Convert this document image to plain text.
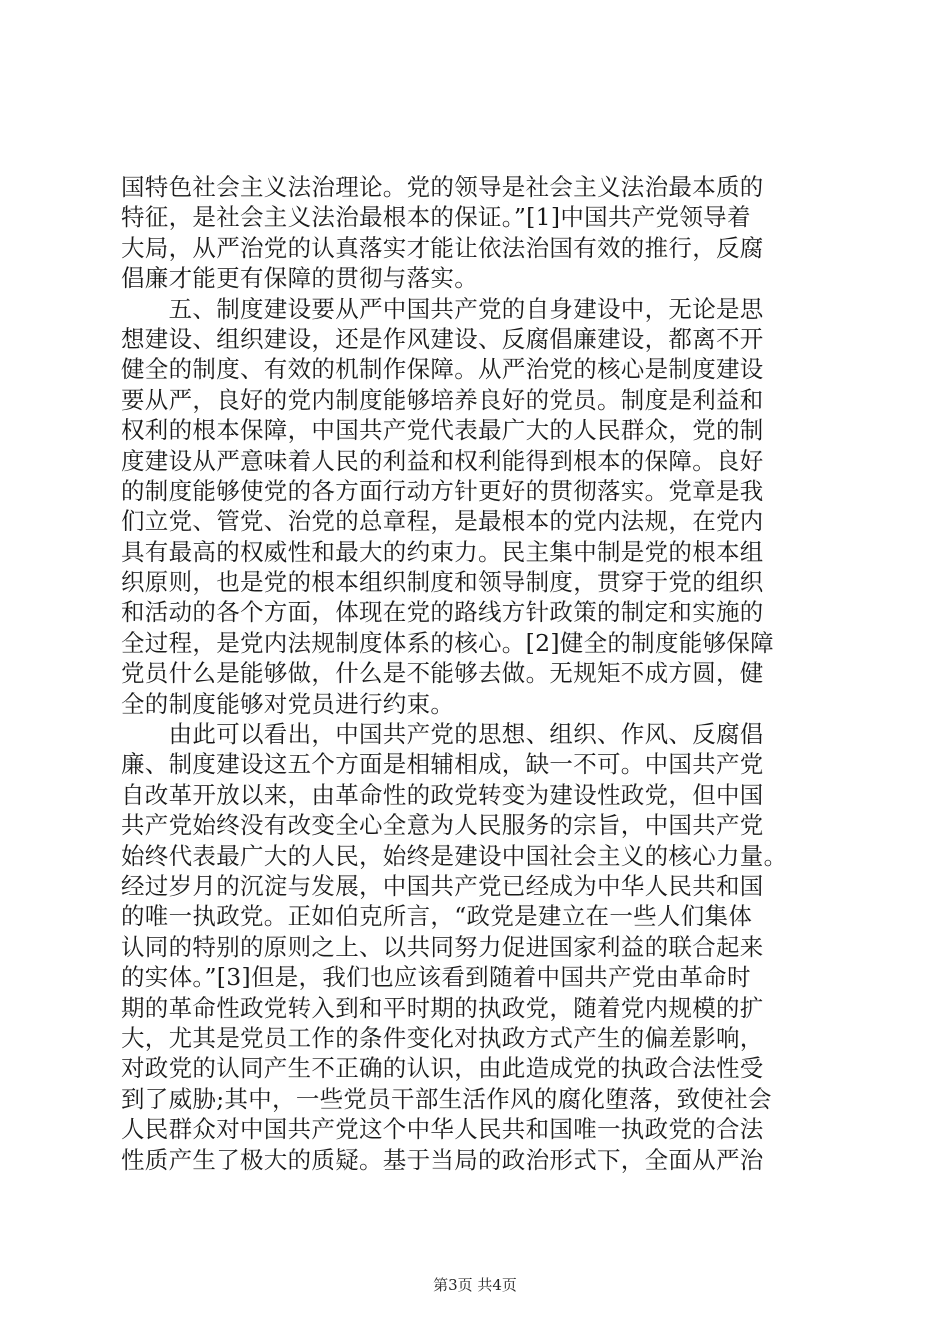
国特色社会主义法治理论。党的领导是社会主义法治最本质的
特征，是社会主义法治最根本的保证。”[1]中国共产党领导着
大局，从严治党的认真落实才能让依法治国有效的推行，反腐
倡廉才能更有保障的贯彻与落实。
　　五、制度建设要从严中国共产党的自身建设中，无论是思
想建设、组织建设，还是作风建设、反腐倡廉建设，都离不开
健全的制度、有效的机制作保障。从严治党的核心是制度建设
要从严，良好的党内制度能够培养良好的党员。制度是利益和
权利的根本保障，中国共产党代表最广大的人民群众，党的制
度建设从严意味着人民的利益和权利能得到根本的保障。良好
的制度能够使党的各方面行动方针更好的贯彻落实。党章是我
们立党、管党、治党的总章程，是最根本的党内法规，在党内
具有最高的权威性和最大的约束力。民主集中制是党的根本组
织原则，也是党的根本组织制度和领导制度，贯穿于党的组织
和活动的各个方面，体现在党的路线方针政策的制定和实施的
全过程，是党内法规制度体系的核心。[2]健全的制度能够保障
党员什么是能够做，什么是不能够去做。无规矩不成方圆，健
全的制度能够对党员进行约束。
　　由此可以看出，中国共产党的思想、组织、作风、反腐倡
廉、制度建设这五个方面是相辅相成，缺一不可。中国共产党
自改革开放以来，由革命性的政党转变为建设性政党，但中国
共产党始终没有改变全心全意为人民服务的宗旨，中国共产党
始终代表最广大的人民，始终是建设中国社会主义的核心力量。
经过岁月的沉淀与发展，中国共产党已经成为中华人民共和国
的唯一执政党。正如伯克所言，“政党是建立在一些人们集体
认同的特别的原则之上、以共同努力促进国家利益的联合起来
的实体。”[3]但是，我们也应该看到随着中国共产党由革命时
期的革命性政党转入到和平时期的执政党，随着党内规模的扩
大，尤其是党员工作的条件变化对执政方式产生的偏差影响，
对政党的认同产生不正确的认识，由此造成党的执政合法性受
到了威胁;其中，一些党员干部生活作风的腐化堕落，致使社会
人民群众对中国共产党这个中华人民共和国唯一执政党的合法
性质产生了极大的质疑。基于当局的政治形式下，全面从严治
第3页 共4页
